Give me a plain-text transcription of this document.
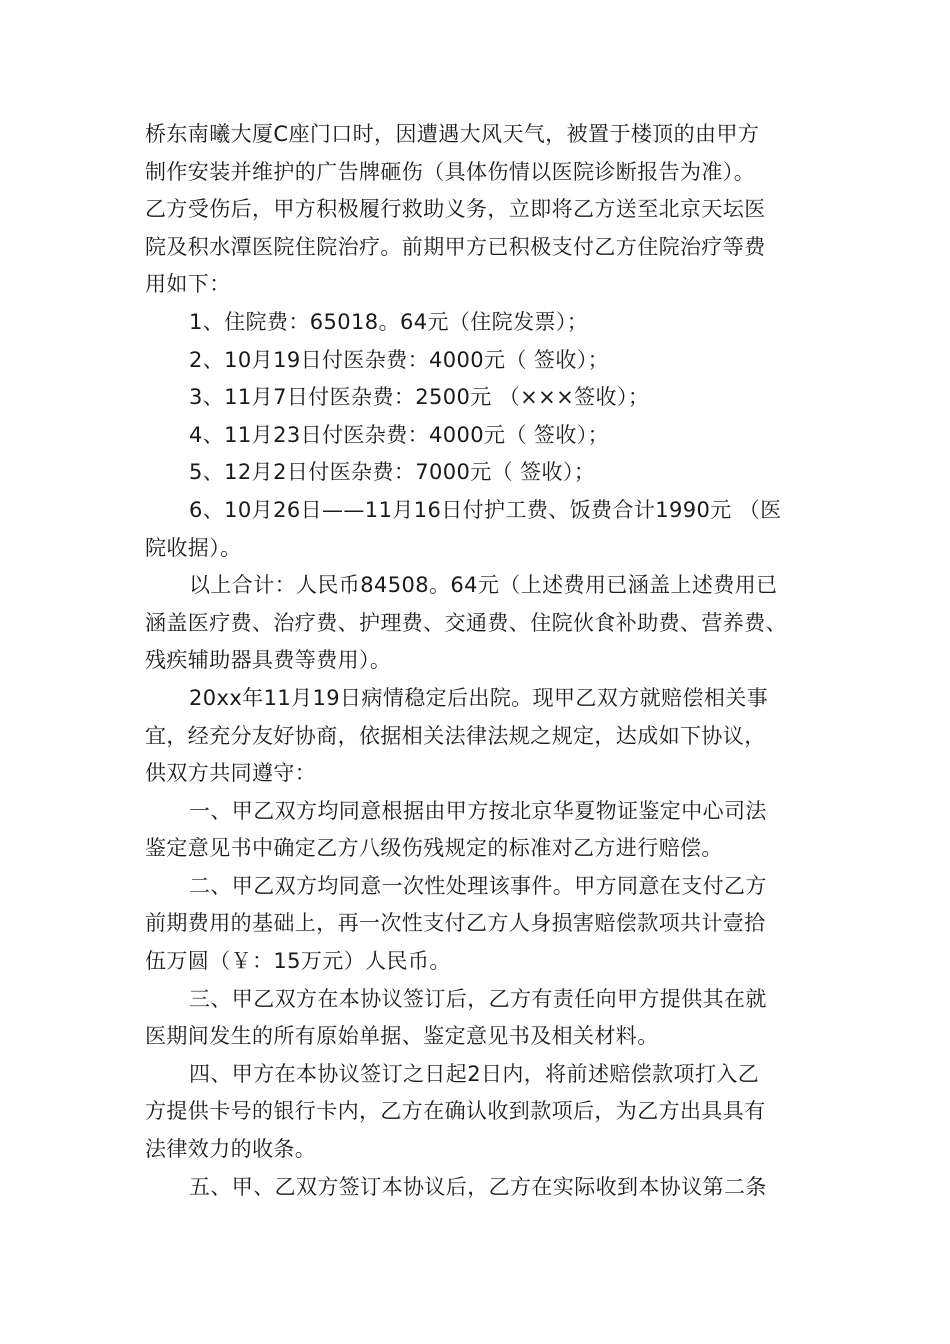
桥东南曦大厦C座门口时，因遭遇大风天气，被置于楼顶的由甲方
制作安装并维护的广告牌砸伤（具体伤情以医院诊断报告为准）。
乙方受伤后，甲方积极履行救助义务，立即将乙方送至北京天坛医
院及积水潭医院住院治疗。前期甲方已积极支付乙方住院治疗等费
用如下：
1、住院费：65018。64元（住院发票）；
2、10月19日付医杂费：4000元（ 签收）；
3、11月7日付医杂费：2500元 （×××签收）；
4、11月23日付医杂费：4000元（ 签收）；
5、12月2日付医杂费：7000元（ 签收）；
6、10月26日——11月16日付护工费、饭费合计1990元 （医
院收据）。
以上合计：人民币84508。64元（上述费用已涵盖上述费用已
涵盖医疗费、治疗费、护理费、交通费、住院伙食补助费、营养费、
残疾辅助器具费等费用）。
20xx年11月19日病情稳定后出院。现甲乙双方就赔偿相关事
宜，经充分友好协商，依据相关法律法规之规定，达成如下协议，
供双方共同遵守：
一、甲乙双方均同意根据由甲方按北京华夏物证鉴定中心司法
鉴定意见书中确定乙方八级伤残规定的标准对乙方进行赔偿。
二、甲乙双方均同意一次性处理该事件。甲方同意在支付乙方
前期费用的基础上，再一次性支付乙方人身损害赔偿款项共计壹拾
伍万圆（￥：15万元）人民币。
三、甲乙双方在本协议签订后，乙方有责任向甲方提供其在就
医期间发生的所有原始单据、鉴定意见书及相关材料。
四、甲方在本协议签订之日起2日内，将前述赔偿款项打入乙
方提供卡号的银行卡内，乙方在确认收到款项后，为乙方出具具有
法律效力的收条。
五、甲、乙双方签订本协议后，乙方在实际收到本协议第二条
